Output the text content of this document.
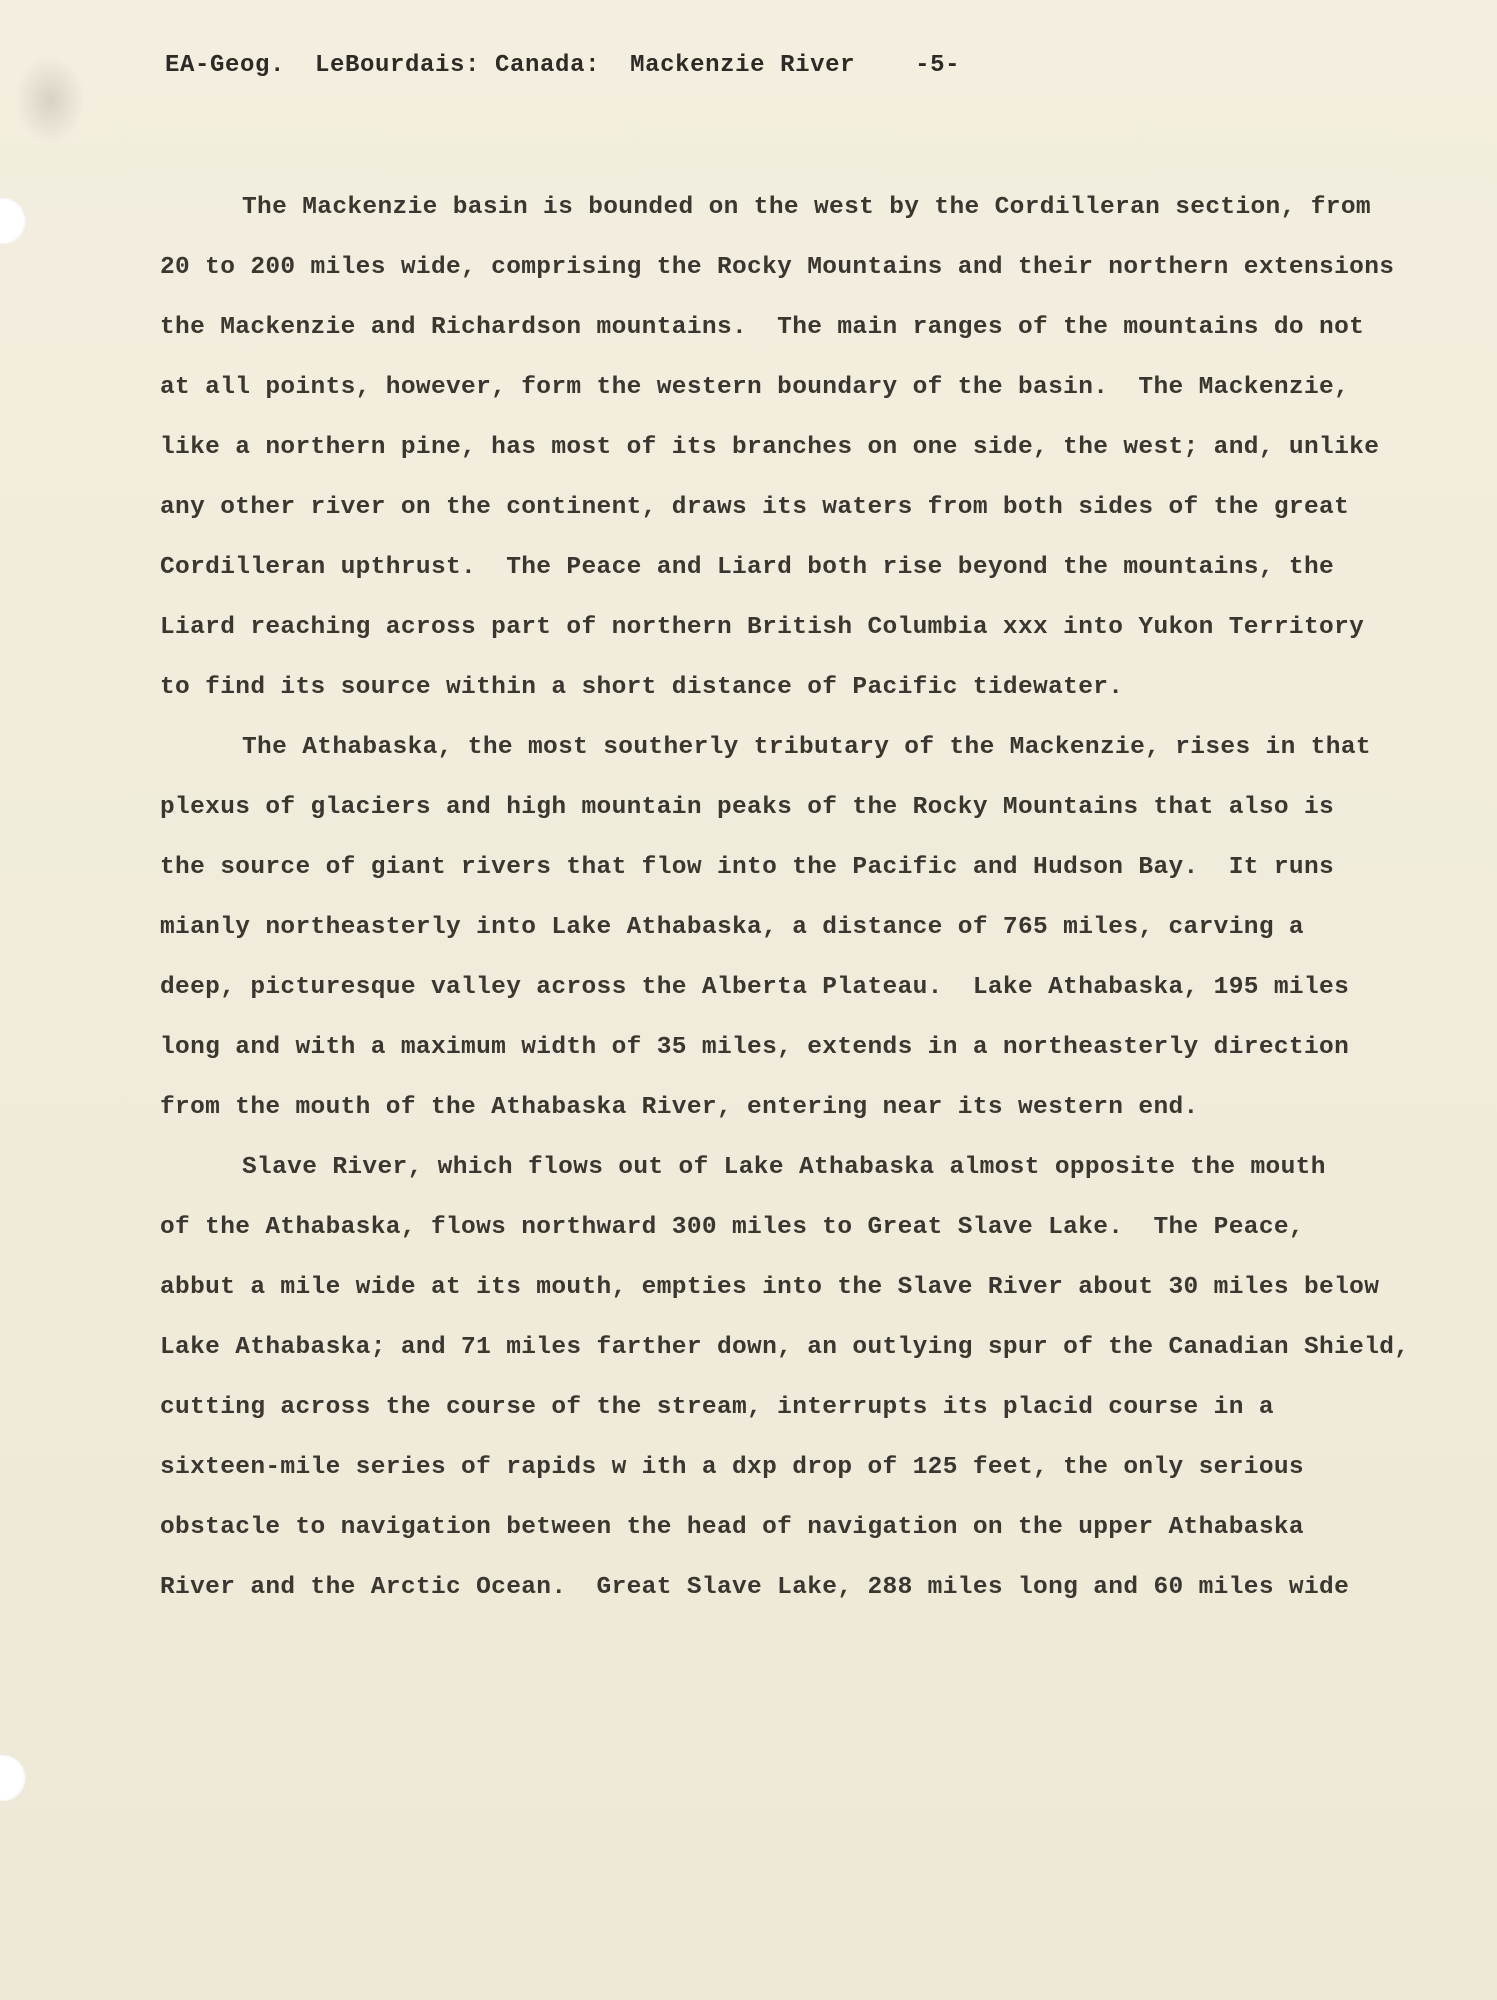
EA-Geog.  LeBourdais: Canada:  Mackenzie River    -5-
The Mackenzie basin is bounded on the west by the Cordilleran section, from
20 to 200 miles wide, comprising the Rocky Mountains and their northern extensions
the Mackenzie and Richardson mountains.  The main ranges of the mountains do not
at all points, however, form the western boundary of the basin.  The Mackenzie,
like a northern pine, has most of its branches on one side, the west; and, unlike
any other river on the continent, draws its waters from both sides of the great
Cordilleran upthrust.  The Peace and Liard both rise beyond the mountains, the
Liard reaching across part of northern British Columbia xxx into Yukon Territory
to find its source within a short distance of Pacific tidewater.
The Athabaska, the most southerly tributary of the Mackenzie, rises in that
plexus of glaciers and high mountain peaks of the Rocky Mountains that also is
the source of giant rivers that flow into the Pacific and Hudson Bay.  It runs
mianly northeasterly into Lake Athabaska, a distance of 765 miles, carving a
deep, picturesque valley across the Alberta Plateau.  Lake Athabaska, 195 miles
long and with a maximum width of 35 miles, extends in a northeasterly direction
from the mouth of the Athabaska River, entering near its western end.
Slave River, which flows out of Lake Athabaska almost opposite the mouth
of the Athabaska, flows northward 300 miles to Great Slave Lake.  The Peace,
abbut a mile wide at its mouth, empties into the Slave River about 30 miles below
Lake Athabaska; and 71 miles farther down, an outlying spur of the Canadian Shield,
cutting across the course of the stream, interrupts its placid course in a
sixteen-mile series of rapids w ith a dxp drop of 125 feet, the only serious
obstacle to navigation between the head of navigation on the upper Athabaska
River and the Arctic Ocean.  Great Slave Lake, 288 miles long and 60 miles wide
